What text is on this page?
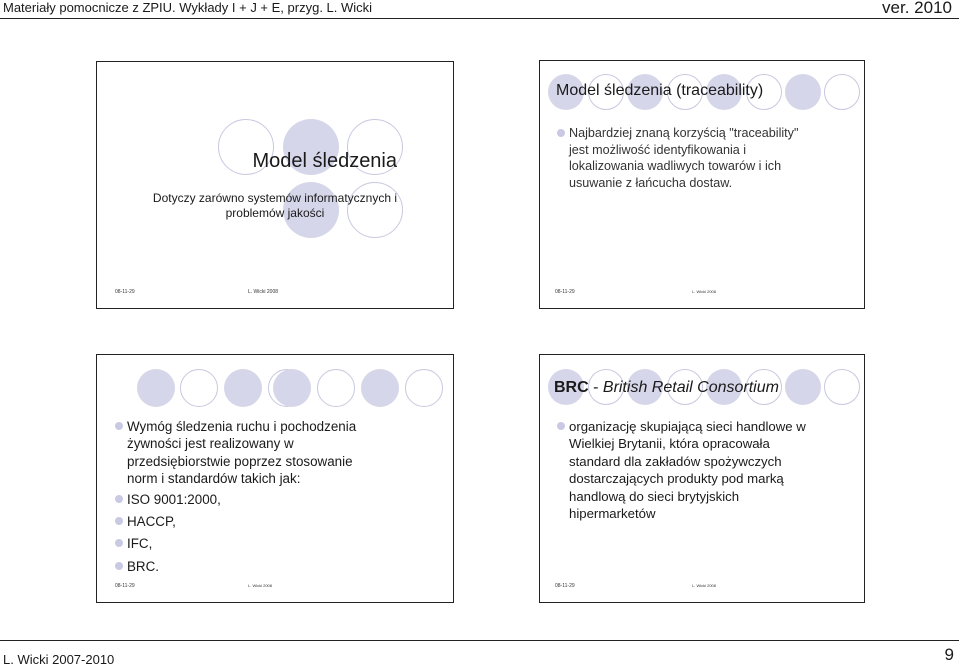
Materiały pomocnicze z ZPIU. Wykłady I + J + E, przyg. L. Wicki	ver. 2010
Model śledzenia
Dotyczy zarówno systemów informatycznych i
problemów jakości
08-11-29	L. Wicki 2008
Model śledzenia (traceability)
Najbardziej znaną korzyścią "traceability"
jest możliwość identyfikowania i
lokalizowania wadliwych towarów i ich
usuwanie z łańcucha dostaw.
08-11-29	L. Wicki 2008
Wymóg śledzenia ruchu i pochodzenia
żywności jest realizowany w
przedsiębiorstwie poprzez stosowanie
norm i standardów takich jak:
ISO 9001:2000,
HACCP,
IFC,
BRC.
08-11-29	L. Wicki 2008
BRC - British Retail Consortium
organizację skupiającą sieci handlowe w
Wielkiej Brytanii, która opracowała
standard dla zakładów spożywczych
dostarczających produkty pod marką
handlową do sieci brytyjskich
hipermarketów
08-11-29	L. Wicki 2008
L. Wicki 2007-2010	9
